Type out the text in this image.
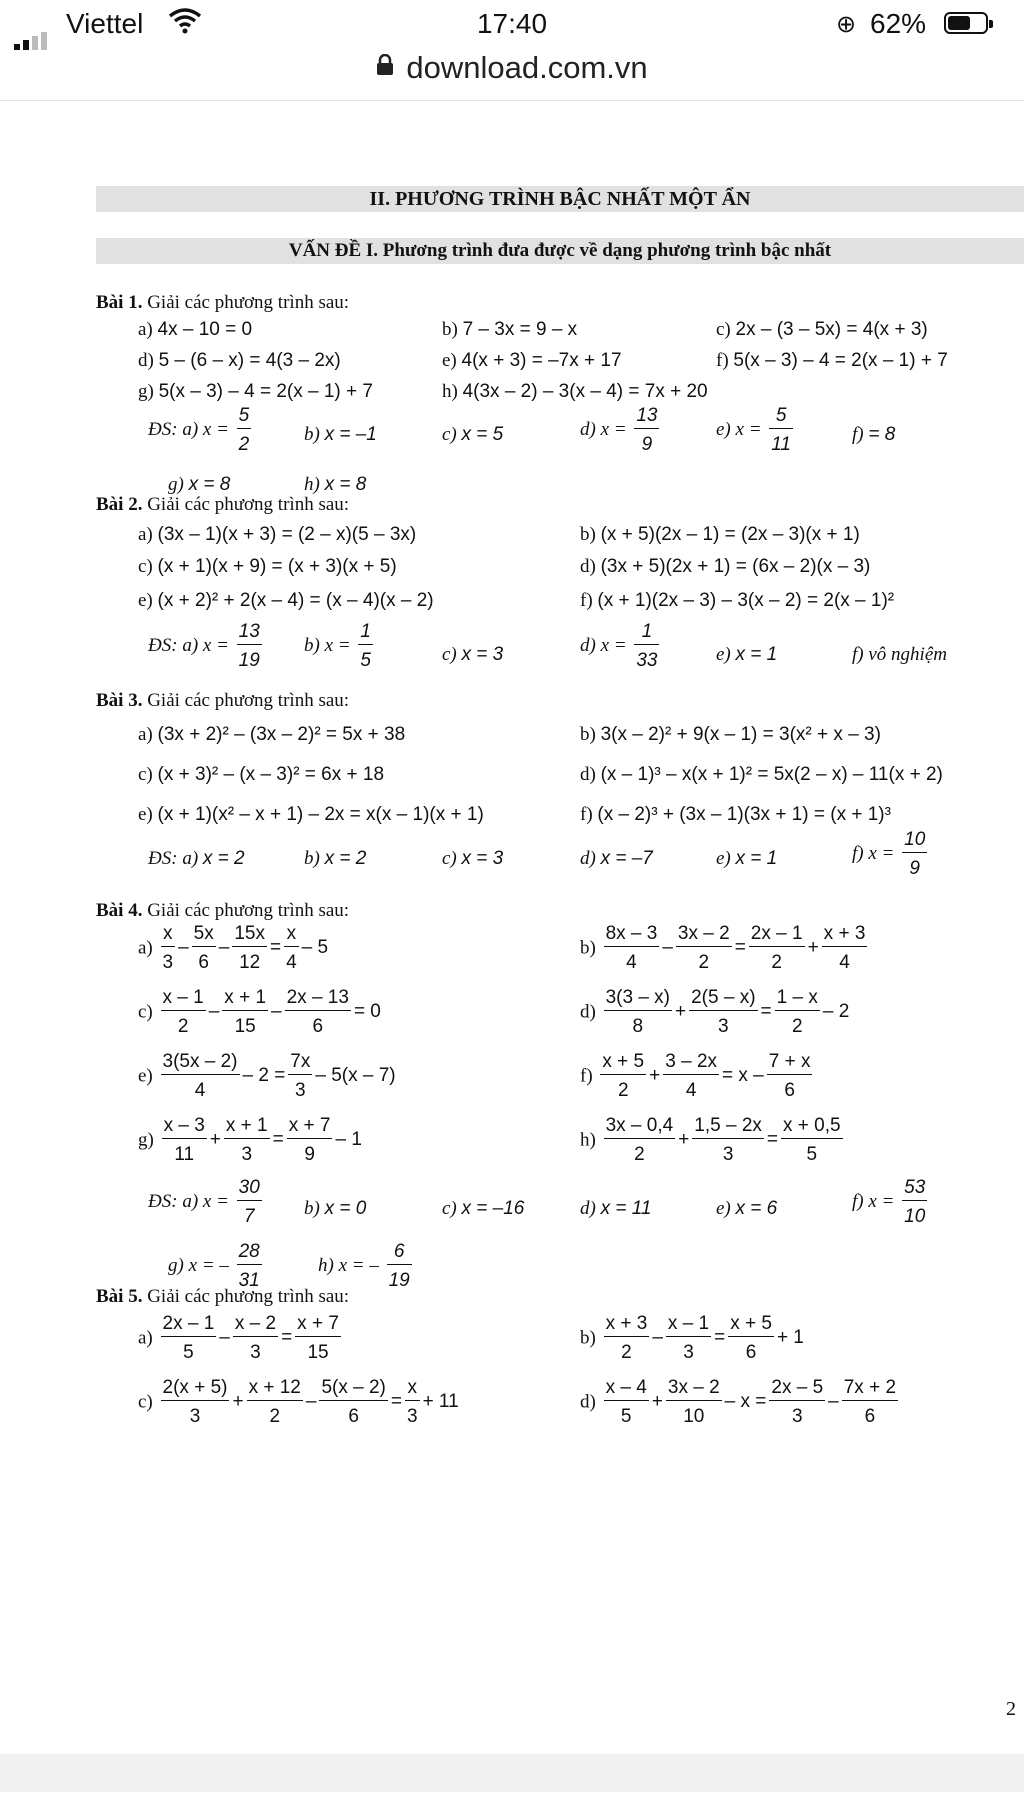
Viettel	17:40	⊕ 62%
download.com.vn
II. PHƯƠNG TRÌNH BẬC NHẤT MỘT ẨN
VẤN ĐỀ I. Phương trình đưa được về dạng phương trình bậc nhất
Bài 1. Giải các phương trình sau:
a) 4x – 10 = 0	b) 7 – 3x = 9 – x	c) 2x – (3 – 5x) = 4(x + 3)
d) 5 – (6 – x) = 4(3 – 2x)	e) 4(x + 3) = –7x + 17	f) 5(x – 3) – 4 = 2(x – 1) + 7
g) 5(x – 3) – 4 = 2(x – 1) + 7	h) 4(3x – 2) – 3(x – 4) = 7x + 20
ĐS: a) $x = \frac{5}{2}$	b) x = –1	c) x = 5	d) $x = \frac{13}{9}$	e) $x = \frac{5}{11}$	f) = 8
g) x = 8	h) x = 8
Bài 2. Giải các phương trình sau:
a) (3x – 1)(x + 3) = (2 – x)(5 – 3x)	b) (x + 5)(2x – 1) = (2x – 3)(x + 1)
c) (x + 1)(x + 9) = (x + 3)(x + 5)	d) (3x + 5)(2x + 1) = (6x – 2)(x – 3)
e) (x + 2)² + 2(x – 4) = (x – 4)(x – 2)	f) (x + 1)(2x – 3) – 3(x – 2) = 2(x – 1)²
ĐS: a) $x = \frac{13}{19} b$) $x = \frac{1}{5}$	c) x = 3	d) $x = \frac{1}{33}$	e) x = 1	f) vô nghiệm
Bài 3. Giải các phương trình sau:
a) (3x + 2)² – (3x – 2)² = 5x + 38	b) 3(x – 2)² + 9(x – 1) = 3(x² + x – 3)
c) (x + 3)² – (x – 3)² = 6x + 18	d) (x – 1)³ – x(x + 1)² = 5x(2 – x) – 11(x + 2)
e) (x + 1)(x² – x + 1) – 2x = x(x – 1)(x + 1)	f) (x – 2)³ + (3x – 1)(3x + 1) = (x + 1)³
ĐS: a) x = 2	b) x = 2	c) x = 3	d) x = –7	e) x = 1	f) $x = \frac{10}{9}$
Bài 4. Giải các phương trình sau:
$a) \frac{x}{3} - \frac{5x}{6} - \frac{15x}{12} = \frac{x}{4} - 5$	$b) \frac{8x - 3}{4} - \frac{3x - 2}{2} = \frac{2x - 1}{2} + \frac{x + 3}{4}$
$c) \frac{x - 1}{2} - \frac{x + 1}{15} - \frac{2x - 13}{6} = 0$	$d) \frac{3(3 - x)}{8} + \frac{2(5 - x)}{3} = \frac{1 - x}{2} - 2$
$e) \frac{3(5x - 2)}{4} - 2 = \frac{7x}{3} - 5(x - 7)$	$f) \frac{x + 5}{2} + \frac{3 - 2x}{4} = x - \frac{7 + x}{6}$
$g) \frac{x - 3}{11} + \frac{x + 1}{3} = \frac{x + 7}{9} - 1$	$h) \frac{3x - 0,4}{2} + \frac{1,5 - 2x}{3} = \frac{x + 0,5}{5}$
ĐS: a) $x = \frac{30}{7} b$) x = 0	c) x = –16	d) x = 11	e) x = 6	f) $x = \frac{53}{10}$
g) x = – $\frac{28}{31}$	h) x = – $\frac{6}{19}$
Bài 5. Giải các phương trình sau:
$a) \frac{2x - 1}{5} - \frac{x - 2}{3} = \frac{x + 7}{15}$	$b) \frac{x + 3}{2} - \frac{x - 1}{3} = \frac{x + 5}{6} + 1$
$c) \frac{2(x + 5)}{3} + \frac{x + 12}{2} - \frac{5(x - 2)}{6} = \frac{x}{3} + 11$	$d) \frac{x - 4}{5} + \frac{3x - 2}{10} - x = \frac{2x - 5}{3} - \frac{7x + 2}{6}$
2
